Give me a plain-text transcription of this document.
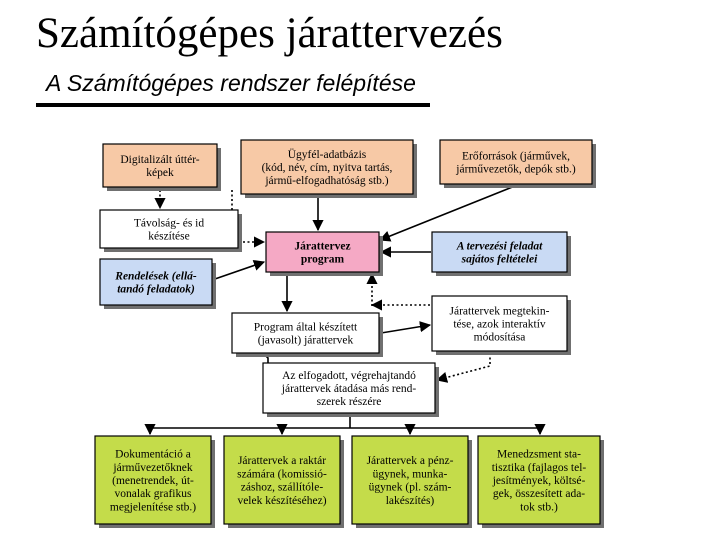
Számítógépes járattervezés
A Számítógépes rendszer felépítése
Digitalizált úttér-
képek
Ügyfél-adatbázis
(kód, név, cím, nyitva tartás,
jármű-elfogadhatóság stb.)
Erőforrások (járművek,
járművezetők, depók stb.)
Távolság- és id
készítése
Járattervez
program
A tervezési feladat
sajátos feltételei
Rendelések (ellá-
tandó feladatok)
Program által készített
(javasolt) járattervek
Járattervek megtekin-
tése, azok interaktív
módosítása
Az elfogadott, végrehajtandó
járattervek átadása más rend-
szerek részére
Dokumentáció a
járművezetőknek
(menetrendek, út-
vonalak grafikus
megjelenítése stb.)
Járattervek a raktár
számára (komissió-
záshoz, szállítóle-
velek készítéséhez)
Járattervek a pénz-
ügynek, munka-
ügynek (pl. szám-
lakészítés)
Menedzsment sta-
tisztika (fajlagos tel-
jesítmények, költsé-
gek, összesített ada-
tok stb.)
